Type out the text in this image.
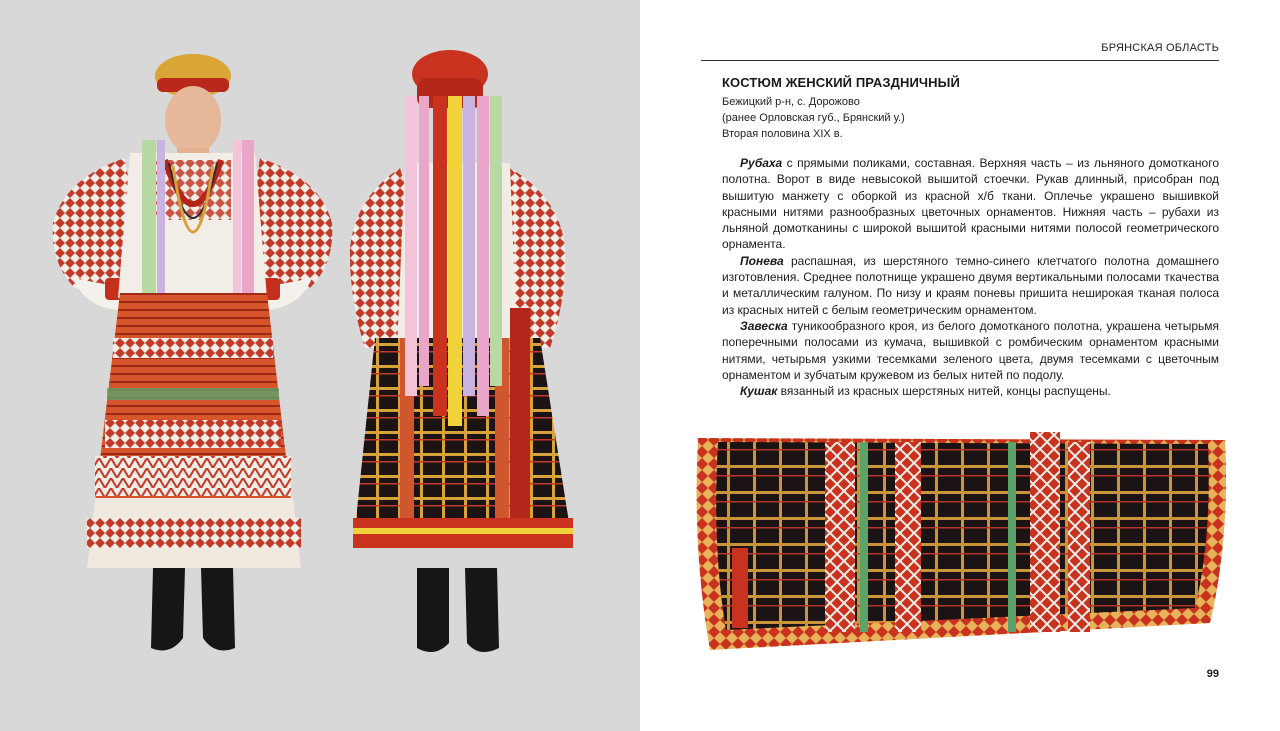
БРЯНСКАЯ ОБЛАСТЬ
КОСТЮМ ЖЕНСКИЙ ПРАЗДНИЧНЫЙ
Бежицкий р-н, с. Дорожово
(ранее Орловская губ., Брянский у.)
Вторая половина XIX в.

  Рубаха с прямыми поликами, составная. Верхняя часть – из льняного домотканого полотна. Ворот в виде невысокой вышитой стоечки. Рукав длинный, присобран под вышитую манжету с оборкой из красной х/б ткани. Оплечье украшено вышивкой красными нитями разнообразных цветочных орнаментов. Нижняя часть – рубахи из льняной домотканины с широкой вышитой красными нитями полосой геометрического орнамента.

  Понева распашная, из шерстяного темно-синего клетчатого полотна домашнего изготовления. Среднее полотнище украшено двумя вертикальными полосами ткачества и металлическим галуном. По низу и краям поневы пришита неширокая тканая полоса из красных нитей с белым геометрическим орнаментом.

  Завеска туникообразного кроя, из белого домотканого полотна, украшена четырьмя поперечными полосами из кумача, вышивкой с ромбическим орнаментом красными нитями, четырьмя узкими тесемками зеленого цвета, двумя тесемками с цветочным орнаментом и зубчатым кружевом из белых нитей по подолу.

  Кушак вязанный из красных шерстяных нитей, концы распущены.

99
